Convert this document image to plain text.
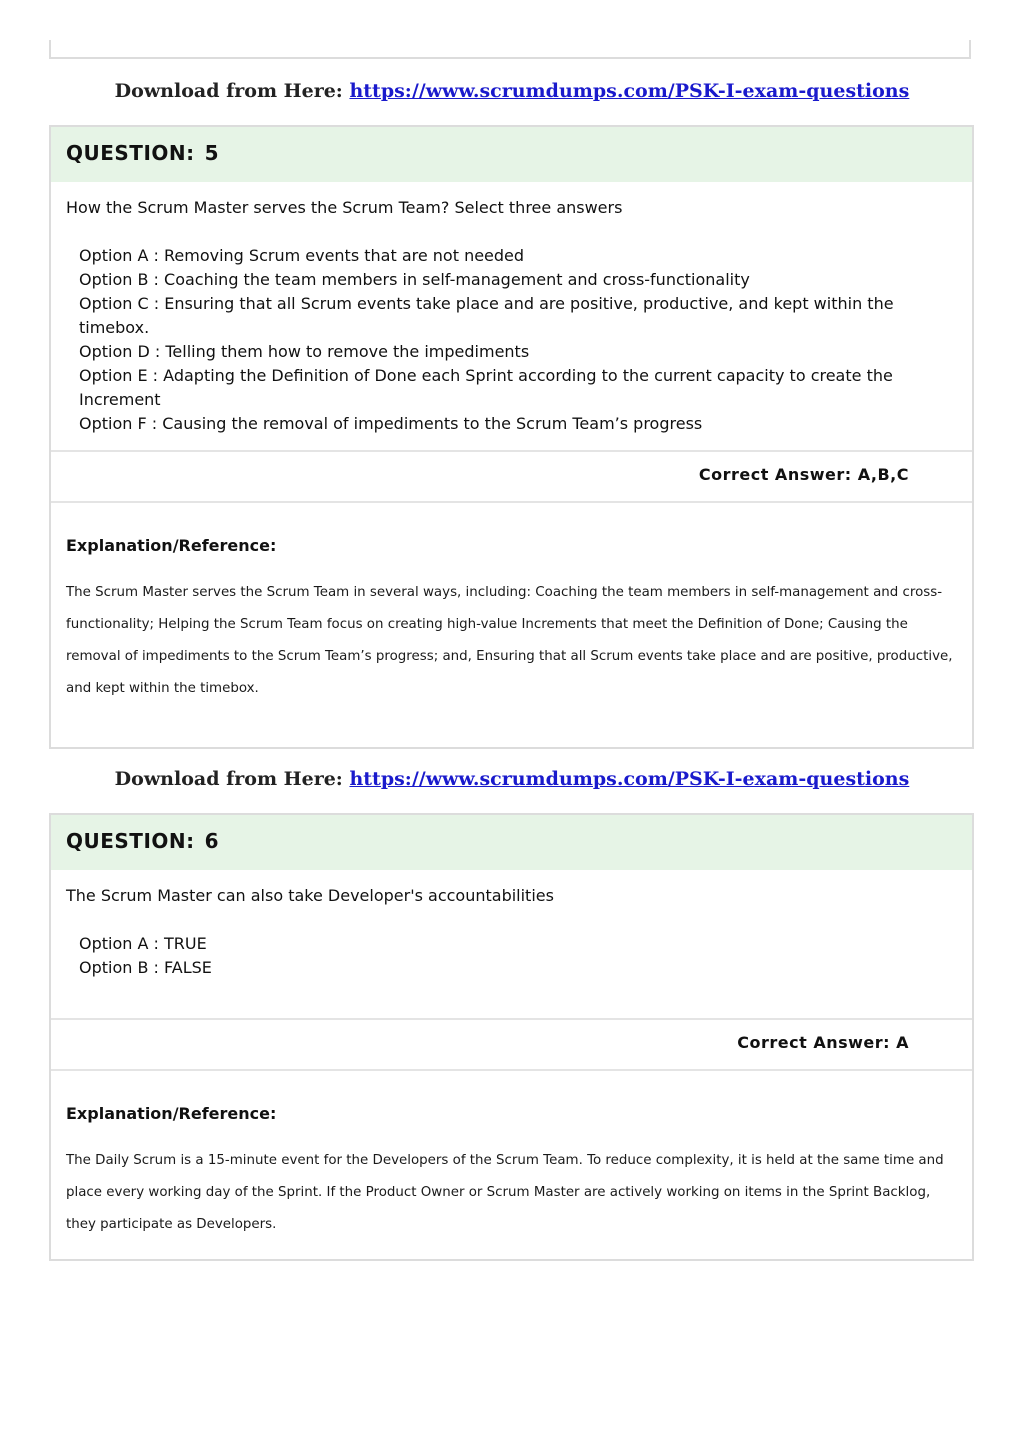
Download from Here: https://www.scrumdumps.com/PSK-I-exam-questions
QUESTION: 5
How the Scrum Master serves the Scrum Team? Select three answers
Option A : Removing Scrum events that are not needed
Option B : Coaching the team members in self-management and cross-functionality
Option C : Ensuring that all Scrum events take place and are positive, productive, and kept within the timebox.
Option D : Telling them how to remove the impediments
Option E : Adapting the Definition of Done each Sprint according to the current capacity to create the Increment
Option F : Causing the removal of impediments to the Scrum Team’s progress
Correct Answer: A,B,C
Explanation/Reference:
The Scrum Master serves the Scrum Team in several ways, including: Coaching the team members in self-management and cross-functionality; Helping the Scrum Team focus on creating high-value Increments that meet the Definition of Done; Causing the removal of impediments to the Scrum Team’s progress; and, Ensuring that all Scrum events take place and are positive, productive, and kept within the timebox.
Download from Here: https://www.scrumdumps.com/PSK-I-exam-questions
QUESTION: 6
The Scrum Master can also take Developer's accountabilities
Option A : TRUE
Option B : FALSE
Correct Answer: A
Explanation/Reference:
The Daily Scrum is a 15-minute event for the Developers of the Scrum Team. To reduce complexity, it is held at the same time and place every working day of the Sprint. If the Product Owner or Scrum Master are actively working on items in the Sprint Backlog, they participate as Developers.
